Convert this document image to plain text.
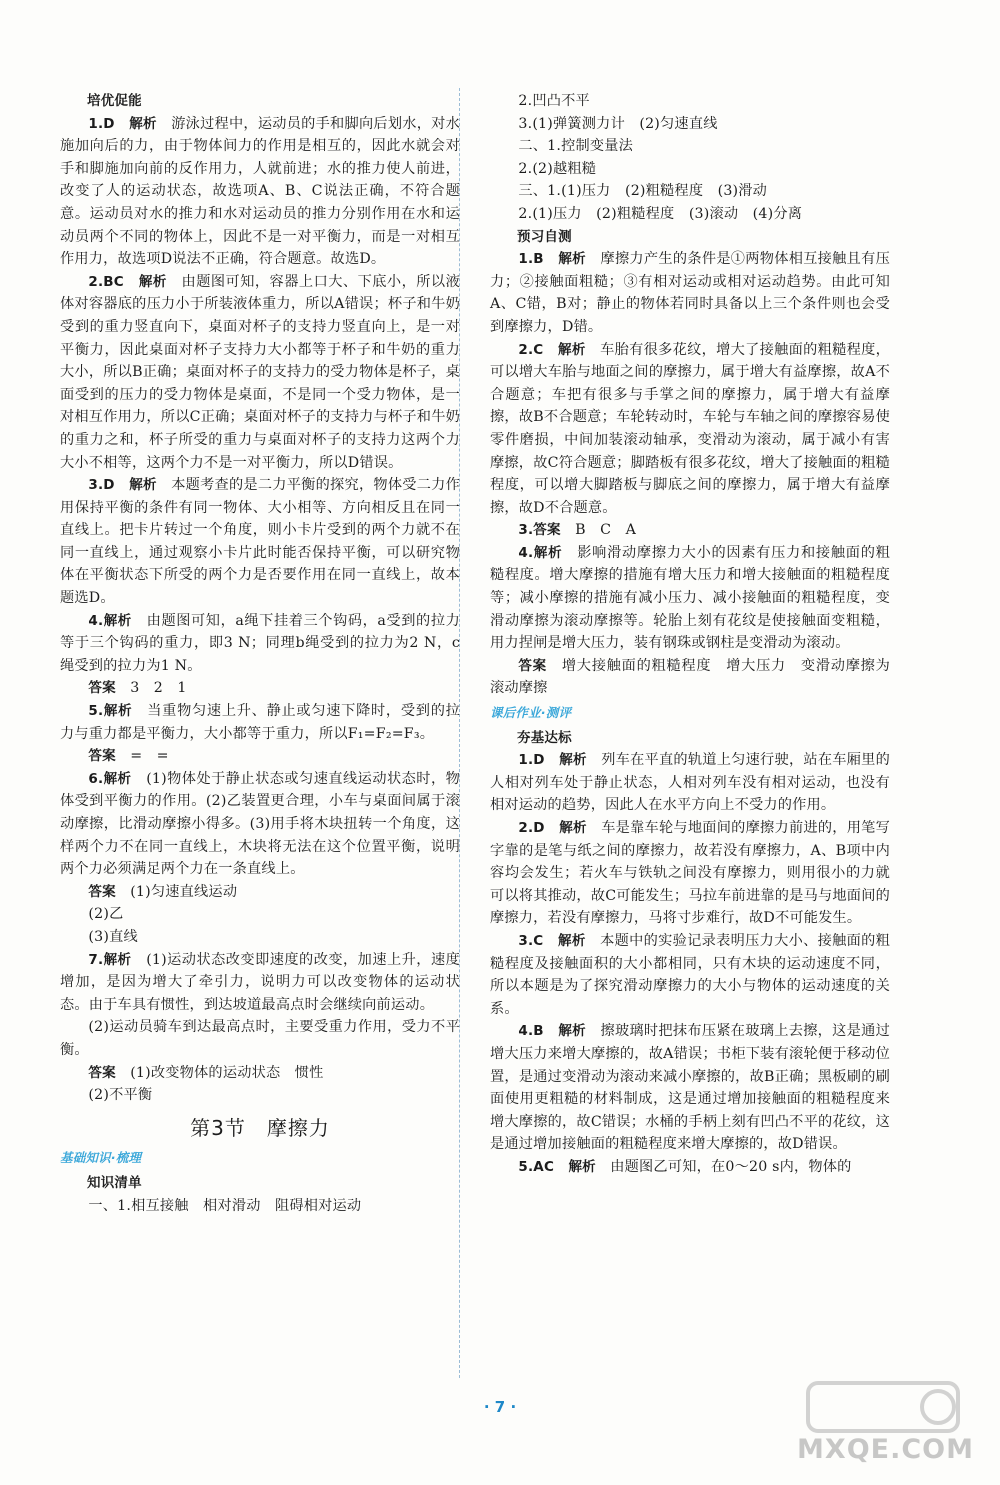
培优促能

1.D　 解析　 游泳过程中，运动员的手和脚向后划水，对水施加向后的力，由于物体间力的作用是相互的，因此水就会对手和脚施加向前的反作用力，人就前进；水的推力使人前进，改变了人的运动状态，故选项A、B、C说法正确，不符合题意。运动员对水的推力和水对运动员的推力分别作用在水和运动员两个不同的物体上，因此不是一对平衡力，而是一对相互作用力，故选项D说法不正确，符合题意。故选D。

2.BC　 解析　 由题图可知，容器上口大、下底小，所以液体对容器底的压力小于所装液体重力，所以A错误；杯子和牛奶受到的重力竖直向下，桌面对杯子的支持力竖直向上，是一对平衡力，因此桌面对杯子支持力大小都等于杯子和牛奶的重力大小，所以B正确；桌面对杯子的支持力的受力物体是杯子，桌面受到的压力的受力物体是桌面，不是同一个受力物体，是一对相互作用力，所以C正确；桌面对杯子的支持力与杯子和牛奶的重力之和，杯子所受的重力与桌面对杯子的支持力这两个力大小不相等，这两个力不是一对平衡力，所以D错误。

3.D　 解析　 本题考查的是二力平衡的探究，物体受二力作用保持平衡的条件有同一物体、大小相等、方向相反且在同一直线上。把卡片转过一个角度，则小卡片受到的两个力就不在同一直线上，通过观察小卡片此时能否保持平衡，可以研究物体在平衡状态下所受的两个力是否要作用在同一直线上，故本题选D。

4.解析　 由题图可知，a绳下挂着三个钩码，a受到的拉力等于三个钩码的重力，即3 N；同理b绳受到的拉力为2 N，c绳受到的拉力为1 N。

答案　 3　2　1

5.解析　 当重物匀速上升、静止或匀速下降时，受到的拉力与重力都是平衡力，大小都等于重力，所以F₁=F₂=F₃。

答案　 =　=

6.解析　 (1)物体处于静止状态或匀速直线运动状态时，物体受到平衡力的作用。(2)乙装置更合理，小车与桌面间属于滚动摩擦，比滑动摩擦小得多。(3)用手将木块扭转一个角度，这样两个力不在同一直线上，木块将无法在这个位置平衡，说明两个力必须满足两个力在一条直线上。

答案　 (1)匀速直线运动

(2)乙

(3)直线

7.解析　 (1)运动状态改变即速度的改变，加速上升，速度增加，是因为增大了牵引力，说明力可以改变物体的运动状态。由于车具有惯性，到达坡道最高点时会继续向前运动。

(2)运动员骑车到达最高点时，主要受重力作用，受力不平衡。

答案　 (1)改变物体的运动状态　惯性

(2)不平衡

第3节　摩擦力
基础知识·梳理

知识清单

一、1.相互接触　相对滑动　阻碍相对运动

2.凹凸不平

3.(1)弹簧测力计　(2)匀速直线

二、1.控制变量法

2.(2)越粗糙

三、1.(1)压力　(2)粗糙程度　(3)滑动

2.(1)压力　(2)粗糙程度　(3)滚动　(4)分离

预习自测

1.B　 解析　 摩擦力产生的条件是①两物体相互接触且有压力；②接触面粗糙；③有相对运动或相对运动趋势。由此可知A、C错，B对；静止的物体若同时具备以上三个条件则也会受到摩擦力，D错。

2.C　 解析　 车胎有很多花纹，增大了接触面的粗糙程度，可以增大车胎与地面之间的摩擦力，属于增大有益摩擦，故A不合题意；车把有很多与手掌之间的摩擦力，属于增大有益摩擦，故B不合题意；车轮转动时，车轮与车轴之间的摩擦容易使零件磨损，中间加装滚动轴承，变滑动为滚动，属于减小有害摩擦，故C符合题意；脚踏板有很多花纹，增大了接触面的粗糙程度，可以增大脚踏板与脚底之间的摩擦力，属于增大有益摩擦，故D不合题意。

3.答案　 B　C　A

4.解析　 影响滑动摩擦力大小的因素有压力和接触面的粗糙程度。增大摩擦的措施有增大压力和增大接触面的粗糙程度等；减小摩擦的措施有减小压力、减小接触面的粗糙程度，变滑动摩擦为滚动摩擦等。轮胎上刻有花纹是使接触面变粗糙，用力捏闸是增大压力，装有钢珠或钢柱是变滑动为滚动。

答案　 增大接触面的粗糙程度　增大压力　变滑动摩擦为滚动摩擦

课后作业·测评

夯基达标

1.D　 解析　 列车在平直的轨道上匀速行驶，站在车厢里的人相对列车处于静止状态，人相对列车没有相对运动，也没有相对运动的趋势，因此人在水平方向上不受力的作用。

2.D　 解析　 车是靠车轮与地面间的摩擦力前进的，用笔写字靠的是笔与纸之间的摩擦力，故若没有摩擦力，A、B项中内容均会发生；若火车与铁轨之间没有摩擦力，则用很小的力就可以将其推动，故C可能发生；马拉车前进靠的是马与地面间的摩擦力，若没有摩擦力，马将寸步难行，故D不可能发生。

3.C　 解析　 本题中的实验记录表明压力大小、接触面的粗糙程度及接触面积的大小都相同，只有木块的运动速度不同，所以本题是为了探究滑动摩擦力的大小与物体的运动速度的关系。

4.B　 解析　 擦玻璃时把抹布压紧在玻璃上去擦，这是通过增大压力来增大摩擦的，故A错误；书柜下装有滚轮便于移动位置，是通过变滑动为滚动来减小摩擦的，故B正确；黑板刷的刷面使用更粗糙的材料制成，这是通过增加接触面的粗糙程度来增大摩擦的，故C错误；水桶的手柄上刻有凹凸不平的花纹，这是通过增加接触面的粗糙程度来增大摩擦的，故D错误。

5.AC　 解析　 由题图乙可知，在0～20 s内，物体的

· 7 ·
MXQE.COM
